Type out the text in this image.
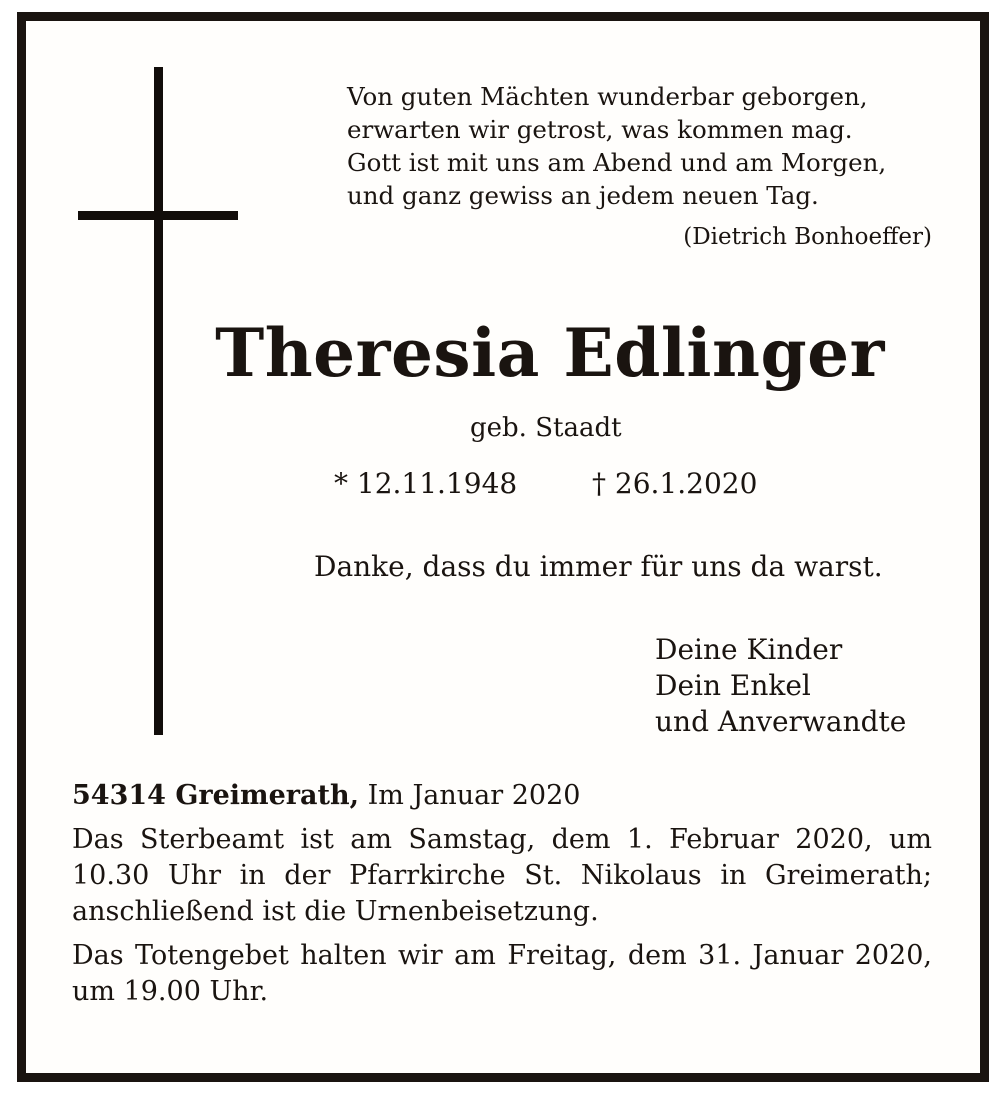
Von guten Mächten wunderbar geborgen,
erwarten wir getrost, was kommen mag.
Gott ist mit uns am Abend und am Morgen,
und ganz gewiss an jedem neuen Tag.
(Dietrich Bonhoeffer)
Theresia Edlinger
geb. Staadt
* 12.11.1948	† 26.1.2020
Danke, dass du immer für uns da warst.
Deine Kinder
Dein Enkel
und Anverwandte
54314 Greimerath, Im Januar 2020
Das Sterbeamt ist am Samstag, dem 1. Februar 2020, um 10.30 Uhr in der Pfarrkirche St. Nikolaus in Greimerath; anschließend ist die Urnenbeisetzung.
Das Totengebet halten wir am Freitag, dem 31. Januar 2020, um 19.00 Uhr.
